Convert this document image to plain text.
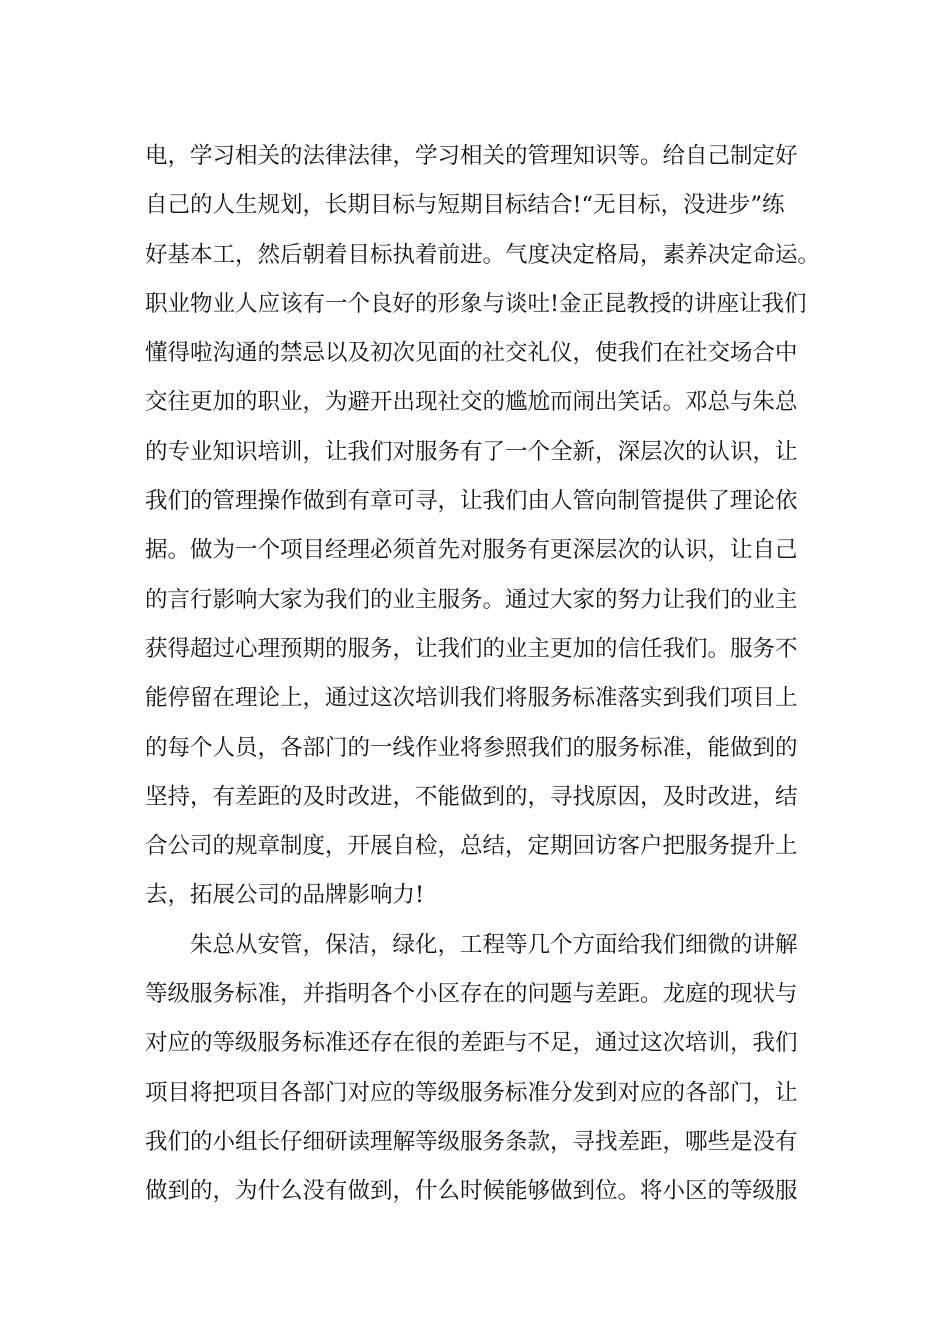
电，学习相关的法律法律，学习相关的管理知识等。给自己制定好
自己的人生规划，长期目标与短期目标结合!“无目标，没进步”练
好基本工，然后朝着目标执着前进。气度决定格局，素养决定命运。
职业物业人应该有一个良好的形象与谈吐!金正昆教授的讲座让我们
懂得啦沟通的禁忌以及初次见面的社交礼仪，使我们在社交场合中
交往更加的职业，为避开出现社交的尴尬而闹出笑话。邓总与朱总
的专业知识培训，让我们对服务有了一个全新，深层次的认识，让
我们的管理操作做到有章可寻，让我们由人管向制管提供了理论依
据。做为一个项目经理必须首先对服务有更深层次的认识，让自己
的言行影响大家为我们的业主服务。通过大家的努力让我们的业主
获得超过心理预期的服务，让我们的业主更加的信任我们。服务不
能停留在理论上，通过这次培训我们将服务标准落实到我们项目上
的每个人员，各部门的一线作业将参照我们的服务标准，能做到的
坚持，有差距的及时改进，不能做到的，寻找原因，及时改进，结
合公司的规章制度，开展自检，总结，定期回访客户把服务提升上
去，拓展公司的品牌影响力!
朱总从安管，保洁，绿化，工程等几个方面给我们细微的讲解
等级服务标准，并指明各个小区存在的问题与差距。龙庭的现状与
对应的等级服务标准还存在很的差距与不足，通过这次培训，我们
项目将把项目各部门对应的等级服务标准分发到对应的各部门，让
我们的小组长仔细研读理解等级服务条款，寻找差距，哪些是没有
做到的，为什么没有做到，什么时候能够做到位。将小区的等级服
